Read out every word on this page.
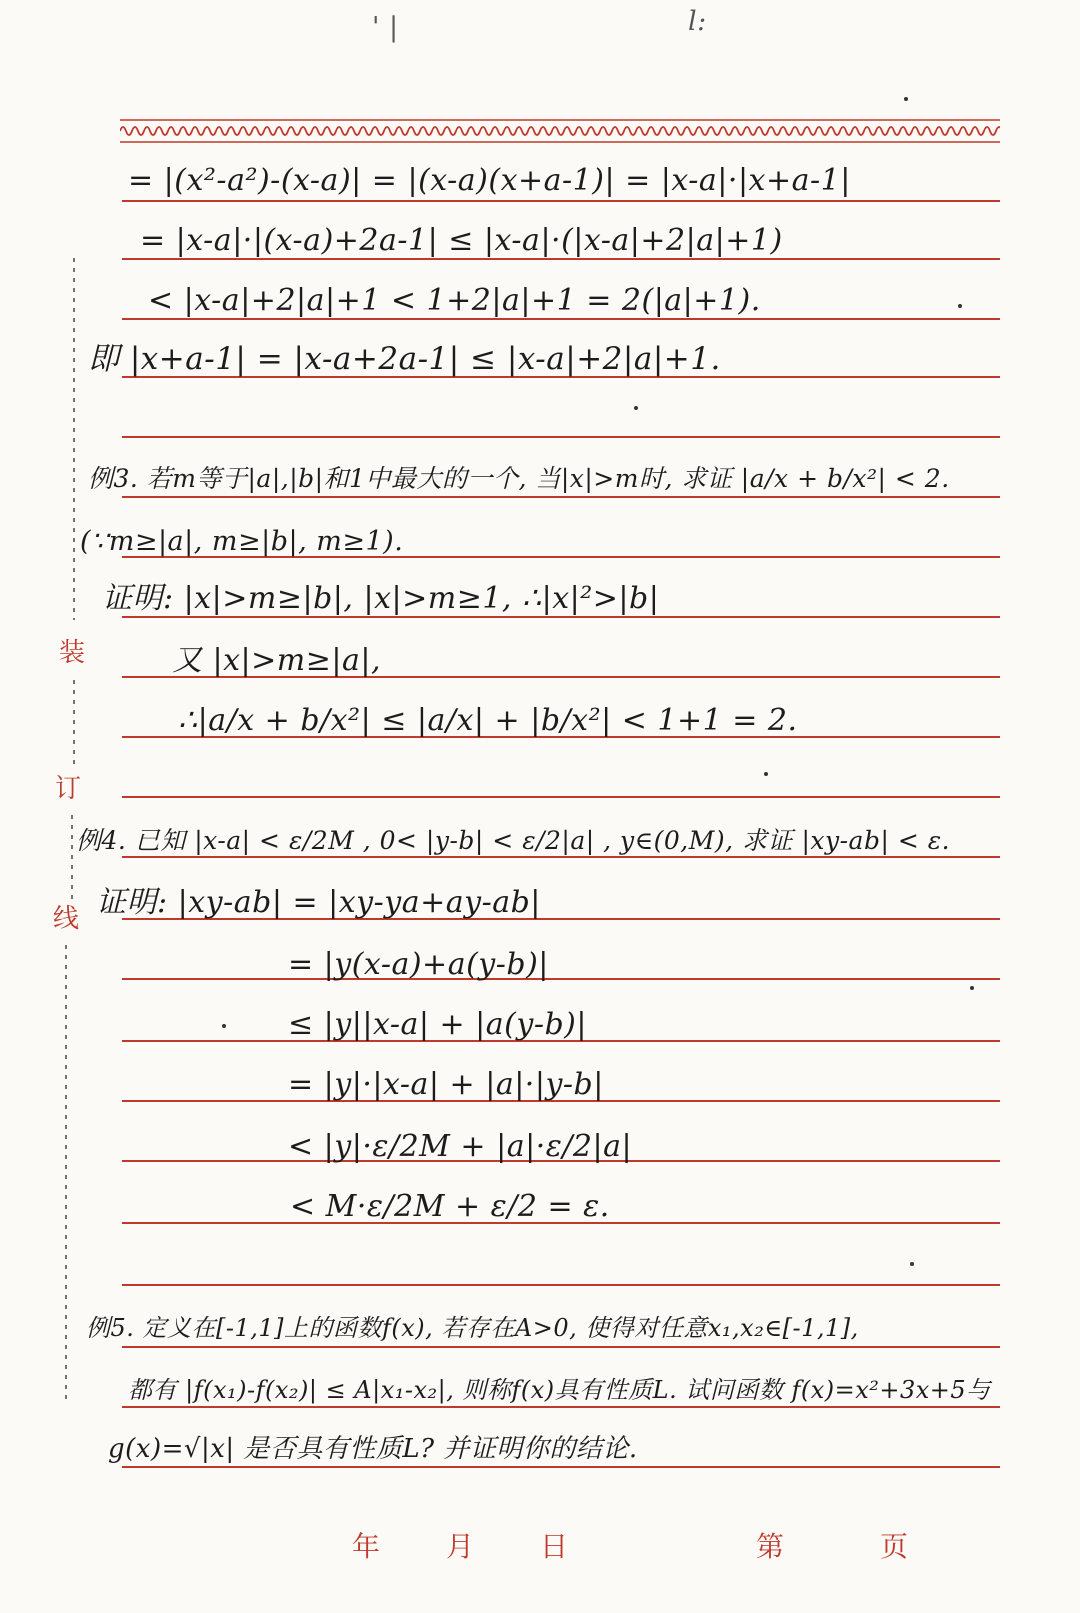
' |	l:
装
订
线
= |(x²-a²)-(x-a)| = |(x-a)(x+a-1)| = |x-a|·|x+a-1|
= |x-a|·|(x-a)+2a-1| ≤ |x-a|·(|x-a|+2|a|+1)
< |x-a|+2|a|+1 < 1+2|a|+1 = 2(|a|+1).
即 |x+a-1| = |x-a+2a-1| ≤ |x-a|+2|a|+1.
例3. 若m等于|a|,|b|和1中最大的一个, 当|x|>m时, 求证 |a/x + b/x²| < 2.
(∵m≥|a|, m≥|b|, m≥1).
证明: |x|>m≥|b|, |x|>m≥1, ∴|x|²>|b|
又 |x|>m≥|a|,
∴|a/x + b/x²| ≤ |a/x| + |b/x²| < 1+1 = 2.
例4. 已知 |x-a| < ε/2M , 0< |y-b| < ε/2|a| , y∈(0,M), 求证 |xy-ab| < ε.
证明: |xy-ab| = |xy-ya+ay-ab|
= |y(x-a)+a(y-b)|
≤ |y||x-a| + |a(y-b)|
= |y|·|x-a| + |a|·|y-b|
< |y|·ε/2M + |a|·ε/2|a|
< M·ε/2M + ε/2 = ε.
例5. 定义在[-1,1]上的函数f(x), 若存在A>0, 使得对任意x₁,x₂∈[-1,1],
都有 |f(x₁)-f(x₂)| ≤ A|x₁-x₂|, 则称f(x)具有性质L. 试问函数 f(x)=x²+3x+5与
g(x)=√|x| 是否具有性质L? 并证明你的结论.
年 月 日	第	页
